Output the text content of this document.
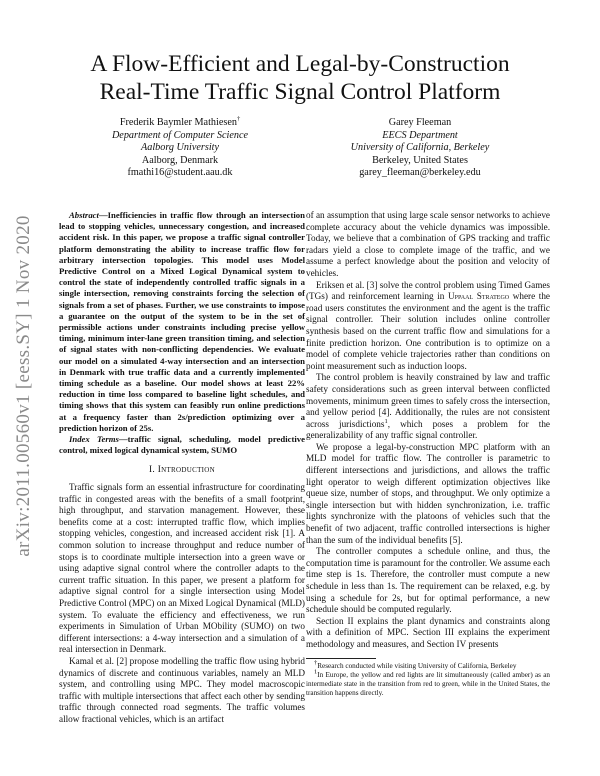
arXiv:2011.00560v1 [eess.SY] 1 Nov 2020
A Flow-Efficient and Legal-by-Construction
Real-Time Traffic Signal Control Platform
Frederik Baymler Mathiesen†
Department of Computer Science
Aalborg University
Aalborg, Denmark
fmathi16@student.aau.dk
Garey Fleeman
EECS Department
University of California, Berkeley
Berkeley, United States
garey_fleeman@berkeley.edu

Abstract—Inefficiencies in traffic flow through an intersection lead to stopping vehicles, unnecessary congestion, and increased accident risk. In this paper, we propose a traffic signal controller platform demonstrating the ability to increase traffic flow for arbitrary intersection topologies. This model uses Model Predictive Control on a Mixed Logical Dynamical system to control the state of independently controlled traffic signals in a single intersection, removing constraints forcing the selection of signals from a set of phases. Further, we use constraints to impose a guarantee on the output of the system to be in the set of permissible actions under constraints including precise yellow timing, minimum inter-lane green transition timing, and selection of signal states with non-conflicting dependencies. We evaluate our model on a simulated 4-way intersection and an intersection in Denmark with true traffic data and a currently implemented timing schedule as a baseline. Our model shows at least 22% reduction in time loss compared to baseline light schedules, and timing shows that this system can feasibly run online predictions at a frequency faster than 2s/prediction optimizing over a prediction horizon of 25s.

Index Terms—traffic signal, scheduling, model predictive control, mixed logical dynamical system, SUMO

I. Introduction

Traffic signals form an essential infrastructure for coordinating traffic in congested areas with the benefits of a small footprint, high throughput, and starvation management. However, these benefits come at a cost: interrupted traffic flow, which implies stopping vehicles, congestion, and increased accident risk [1]. A common solution to increase throughput and reduce number of stops is to coordinate multiple intersection into a green wave or using adaptive signal control where the controller adapts to the current traffic situation. In this paper, we present a platform for adaptive signal control for a single intersection using Model Predictive Control (MPC) on an Mixed Logical Dynamical (MLD) system. To evaluate the efficiency and effectiveness, we run experiments in Simulation of Urban MObility (SUMO) on two different intersections: a 4-way intersection and a simulation of a real intersection in Denmark.

Kamal et al. [2] propose modelling the traffic flow using hybrid dynamics of discrete and continuous variables, namely an MLD system, and controlling using MPC. They model macroscopic traffic with multiple intersections that affect each other by sending traffic through connected road segments. The traffic volumes allow fractional vehicles, which is an artifact

of an assumption that using large scale sensor networks to achieve complete accuracy about the vehicle dynamics was impossible. Today, we believe that a combination of GPS tracking and traffic radars yield a close to complete image of the traffic, and we assume a perfect knowledge about the position and velocity of vehicles.

Eriksen et al. [3] solve the control problem using Timed Games (TGs) and reinforcement learning in Uppaal Stratego where the road users constitutes the environment and the agent is the traffic signal controller. Their solution includes online controller synthesis based on the current traffic flow and simulations for a finite prediction horizon. One contribution is to optimize on a model of complete vehicle trajectories rather than conditions on point measurement such as induction loops.

The control problem is heavily constrained by law and traffic safety considerations such as green interval between conflicted movements, minimum green times to safely cross the intersection, and yellow period [4]. Additionally, the rules are not consistent across jurisdictions$^1$, which poses a problem for the generalizability of any traffic signal controller.

We propose a legal-by-construction MPC platform with an MLD model for traffic flow. The controller is parametric to different intersections and jurisdictions, and allows the traffic light operator to weigh different optimization objectives like queue size, number of stops, and throughput. We only optimize a single intersection but with hidden synchronization, i.e. traffic lights synchronize with the platoons of vehicles such that the benefit of two adjacent, traffic controlled intersections is higher than the sum of the individual benefits [5].

The controller computes a schedule online, and thus, the computation time is paramount for the controller. We assume each time step is 1s. Therefore, the controller must compute a new schedule in less than 1s. The requirement can be relaxed, e.g. by using a schedule for 2s, but for optimal performance, a new schedule should be computed regularly.

Section II explains the plant dynamics and constraints along with a definition of MPC. Section III explains the experiment methodology and measures, and Section IV presents

†Research conducted while visiting University of California, Berkeley

$^1$In Europe, the yellow and red lights are lit simultaneously (called amber) as an intermediate state in the transition from red to green, while in the United States, the transition happens directly.
